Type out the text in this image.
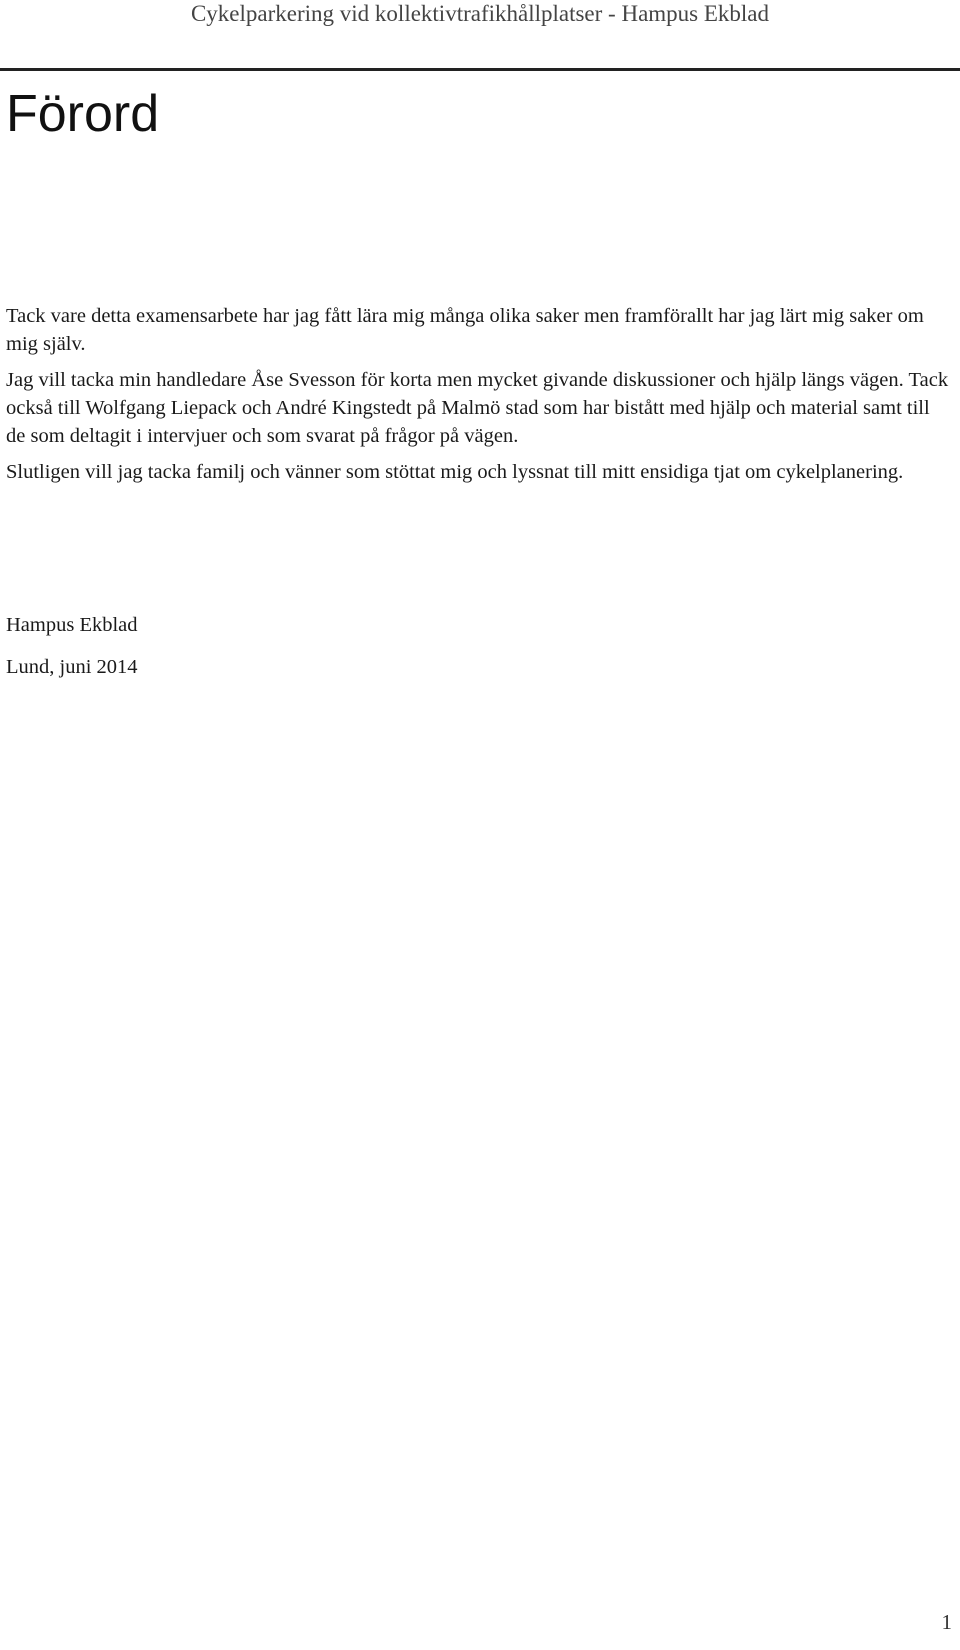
Cykelparkering vid kollektivtrafikhållplatser - Hampus Ekblad
Förord

Tack vare detta examensarbete har jag fått lära mig många olika saker men framförallt har jag lärt mig saker om mig själv.

Jag vill tacka min handledare Åse Svesson för korta men mycket givande diskussioner och hjälp längs vägen. Tack också till Wolfgang Liepack och André Kingstedt på Malmö stad som har bistått med hjälp och material samt till de som deltagit i intervjuer och som svarat på frågor på vägen.

Slutligen vill jag tacka familj och vänner som stöttat mig och lyssnat till mitt ensidiga tjat om cykelplanering.

Hampus Ekblad
Lund, juni 2014
1
